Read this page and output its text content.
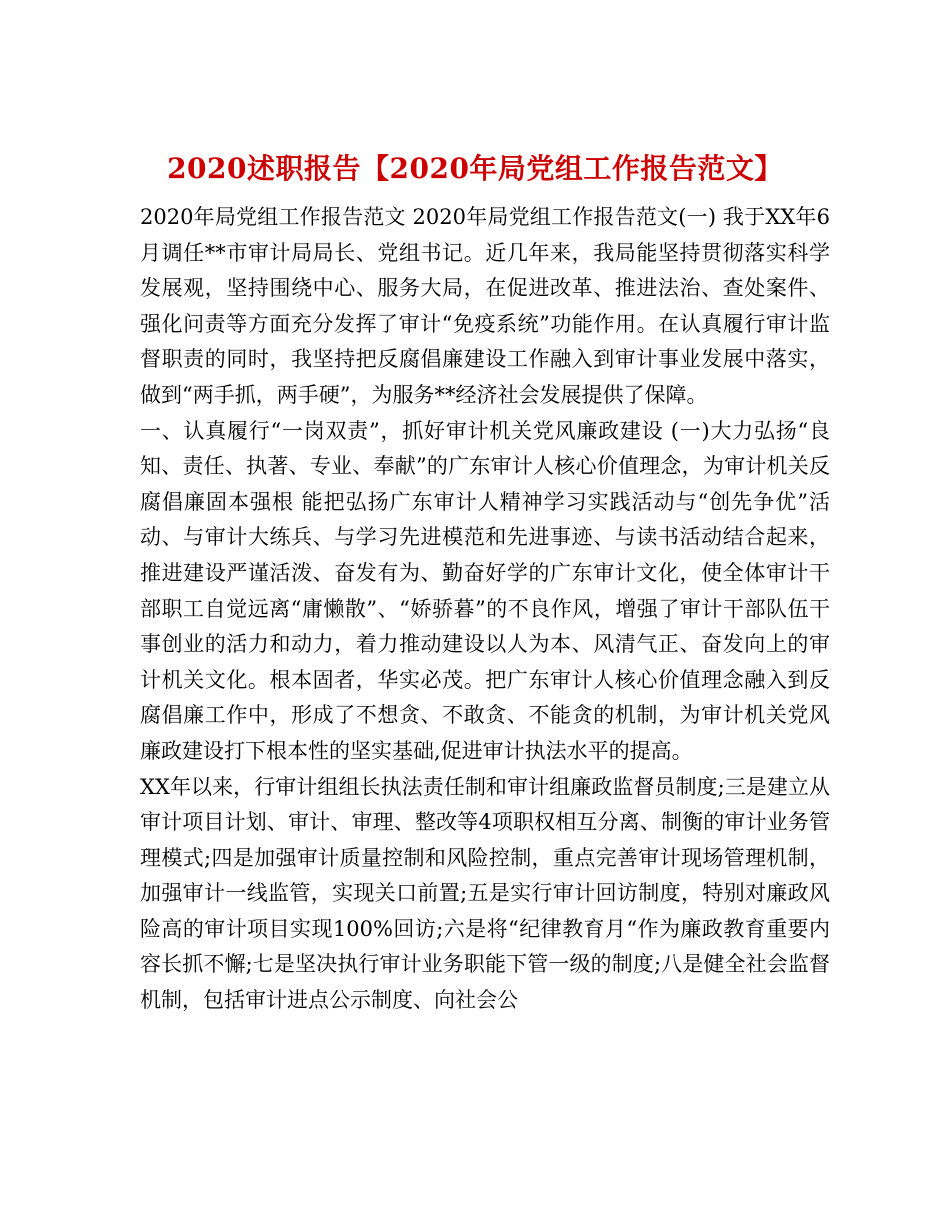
2020述职报告【2020年局党组工作报告范文】

2020年局党组工作报告范文 2020年局党组工作报告范文(一) 我于XX年6月调任**市审计局局长、党组书记。近几年来，我局能坚持贯彻落实科学发展观，坚持围绕中心、服务大局，在促进改革、推进法治、查处案件、强化问责等方面充分发挥了审计“免疫系统”功能作用。在认真履行审计监督职责的同时，我坚持把反腐倡廉建设工作融入到审计事业发展中落实，做到“两手抓，两手硬”，为服务**经济社会发展提供了保障。

一、认真履行“一岗双责”，抓好审计机关党风廉政建设 (一)大力弘扬“良知、责任、执著、专业、奉献”的广东审计人核心价值理念，为审计机关反腐倡廉固本强根 能把弘扬广东审计人精神学习实践活动与“创先争优”活动、与审计大练兵、与学习先进模范和先进事迹、与读书活动结合起来，推进建设严谨活泼、奋发有为、勤奋好学的广东审计文化，使全体审计干部职工自觉远离“庸懒散”、“娇骄暮”的不良作风，增强了审计干部队伍干事创业的活力和动力，着力推动建设以人为本、风清气正、奋发向上的审计机关文化。根本固者，华实必茂。把广东审计人核心价值理念融入到反腐倡廉工作中，形成了不想贪、不敢贪、不能贪的机制，为审计机关党风廉政建设打下根本性的坚实基础,促进审计执法水平的提高。

XX年以来，行审计组组长执法责任制和审计组廉政监督员制度;三是建立从审计项目计划、审计、审理、整改等4项职权相互分离、制衡的审计业务管理模式;四是加强审计质量控制和风险控制，重点完善审计现场管理机制，加强审计一线监管，实现关口前置;五是实行审计回访制度，特别对廉政风险高的审计项目实现100%回访;六是将“纪律教育月“作为廉政教育重要内容长抓不懈;七是坚决执行审计业务职能下管一级的制度;八是健全社会监督机制，包括审计进点公示制度、向社会公
